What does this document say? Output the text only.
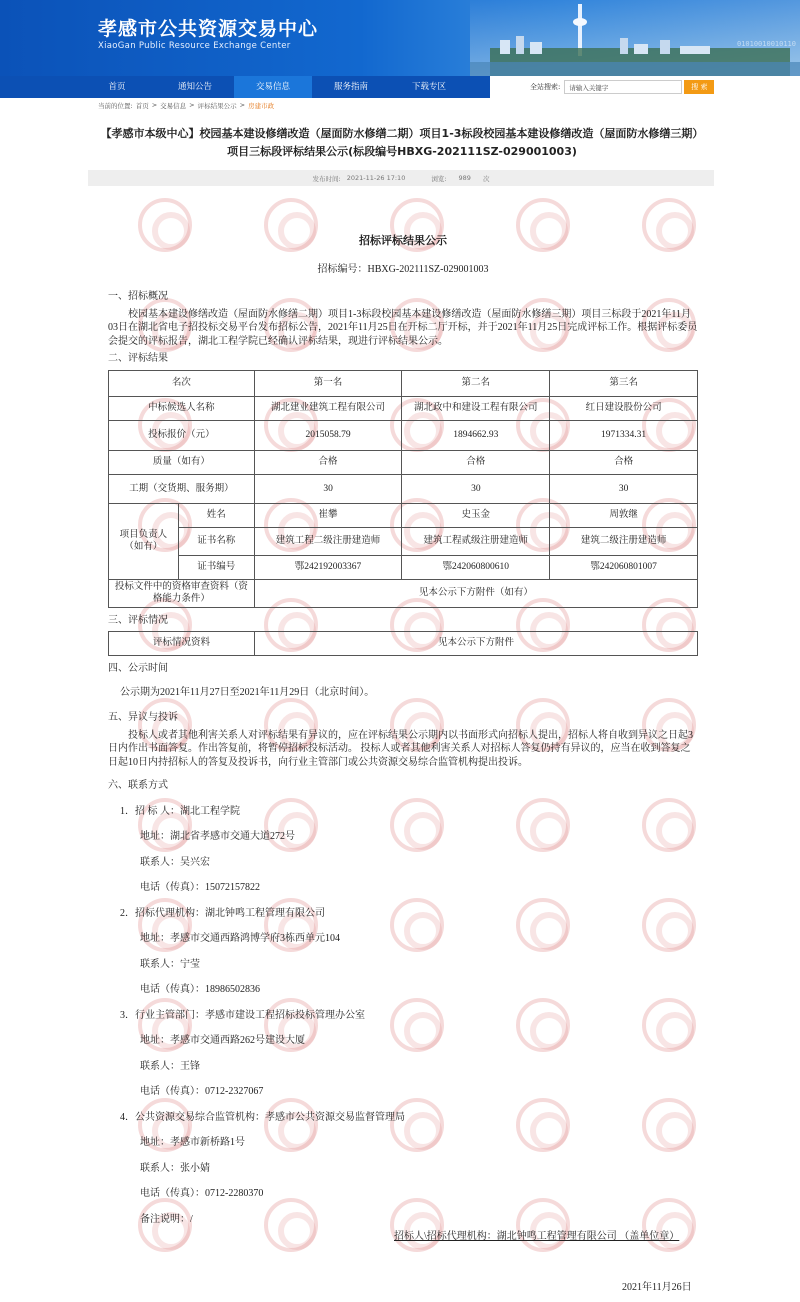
孝感市公共资源交易中心
XiaoGan Public Resource Exchange Center	01010010010110
首页	通知公告	交易信息	服务指南	下载专区	全站搜索:
请输入关键字	搜 索
当前的位置: 首页 > 交易信息 > 评标结果公示 > 房建市政
【孝感市本级中心】校园基本建设修缮改造（屋面防水修缮二期）项目1-3标段校园基本建设修缮改造（屋面防水修缮三期）项目三标段评标结果公示(标段编号HBXG-202111SZ-029001003)
发布时间: 2021-11-26 17:10	浏览: 989 次
招标评标结果公示
招标编号：HBXG-202111SZ-029001003
一、招标概况
校园基本建设修缮改造（屋面防水修缮二期）项目1-3标段校园基本建设修缮改造（屋面防水修缮三期）项目三标段于2021年11月03日在湖北省电子招投标交易平台发布招标公告，2021年11月25日在开标二厅开标，并于2021年11月25日完成评标工作。根据评标委员会提交的评标报告，湖北工程学院已经确认评标结果，现进行评标结果公示。
二、评标结果
名次		第一名	第二名	第三名
中标候选人名称		湖北建业建筑工程有限公司	湖北政中和建设工程有限公司	红日建设股份公司
投标报价（元）		2015058.79	1894662.93	1971334.31
质量（如有）		合格	合格	合格
工期（交货期、服务期）		30	30	30
项目负责人（如有）	姓名	崔攀	史玉金	周敦继
	证书名称	建筑工程二级注册建造师	建筑工程贰级注册建造师	建筑二级注册建造师
	证书编号	鄂242192003367	鄂242060800610	鄂242060801007
投标文件中的资格审查资料（资格能力条件）		见本公示下方附件（如有）		
三、评标情况
评标情况资料	见本公示下方附件
四、公示时间
公示期为2021年11月27日至2021年11月29日（北京时间）。
五、异议与投诉
投标人或者其他利害关系人对评标结果有异议的，应在评标结果公示期内以书面形式向招标人提出，招标人将自收到异议之日起3日内作出书面答复。作出答复前，将暂停招标投标活动。 投标人或者其他利害关系人对招标人答复仍持有异议的，应当在收到答复之日起10日内持招标人的答复及投诉书，向行业主管部门或公共资源交易综合监管机构提出投诉。
六、联系方式
1．招 标 人：湖北工程学院
地址：湖北省孝感市交通大道272号
联系人：吴兴宏
电话（传真）：15072157822
2．招标代理机构：湖北钟鸣工程管理有限公司
地址：孝感市交通西路鸿博学府3栋西单元104
联系人：宁莹
电话（传真）：18986502836
3．行业主管部门：孝感市建设工程招标投标管理办公室
地址：孝感市交通西路262号建设大厦
联系人：王锋
电话（传真）：0712-2327067
4．公共资源交易综合监管机构：孝感市公共资源交易监督管理局
地址：孝感市新桥路1号
联系人：张小婧
电话（传真）：0712-2280370
备注说明：/
招标人\招标代理机构：湖北钟鸣工程管理有限公司 （盖单位章）
2021年11月26日
